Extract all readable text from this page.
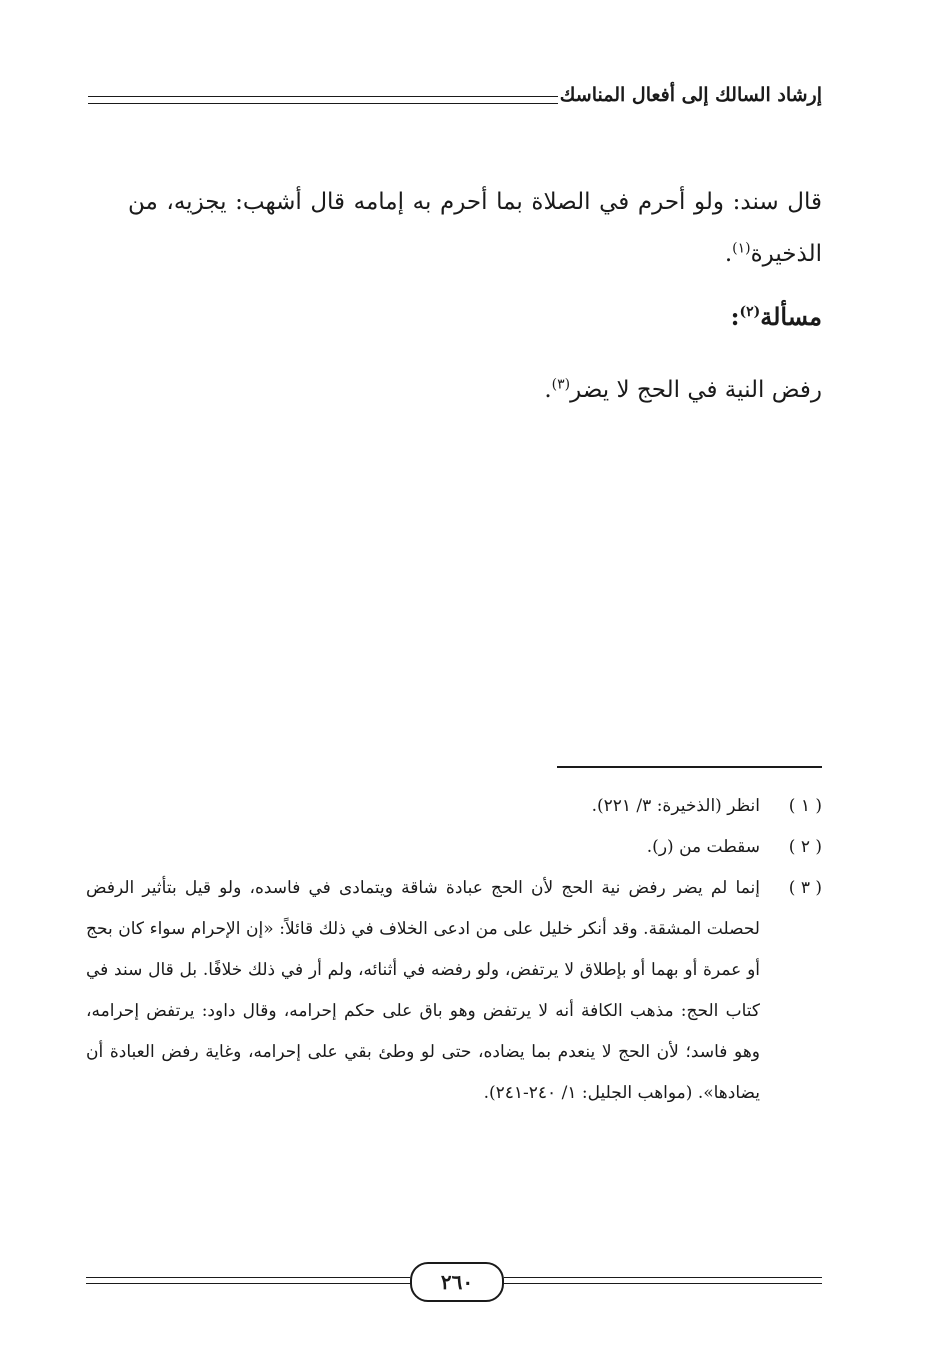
إرشاد السالك إلى أفعال المناسك
قال سند: ولو أحرم في الصلاة بما أحرم به إمامه قال أشهب: يجزيه، من الذخيرة$^{(١)}$.
مسألة$^{(٢)}$:
رفض النية في الحج لا يضر$^{(٣)}$.
( ١ )
انظر (الذخيرة: ٣/ ٢٢١).
( ٢ )
سقطت من (ر).
( ٣ )
إنما لم يضر رفض نية الحج لأن الحج عبادة شاقة ويتمادى في فاسده، ولو قيل بتأثير الرفض لحصلت المشقة. وقد أنكر خليل على من ادعى الخلاف في ذلك قائلاً: «إن الإحرام سواء كان بحج أو عمرة أو بهما أو بإطلاق لا يرتفض، ولو رفضه في أثنائه، ولم أر في ذلك خلافًا. بل قال سند في كتاب الحج: مذهب الكافة أنه لا يرتفض وهو باق على حكم إحرامه، وقال داود: يرتفض إحرامه، وهو فاسد؛ لأن الحج لا ينعدم بما يضاده، حتى لو وطئ بقي على إحرامه، وغاية رفض العبادة أن يضادها». (مواهب الجليل: ١/ ٢٤٠-٢٤١).
٢٦٠
